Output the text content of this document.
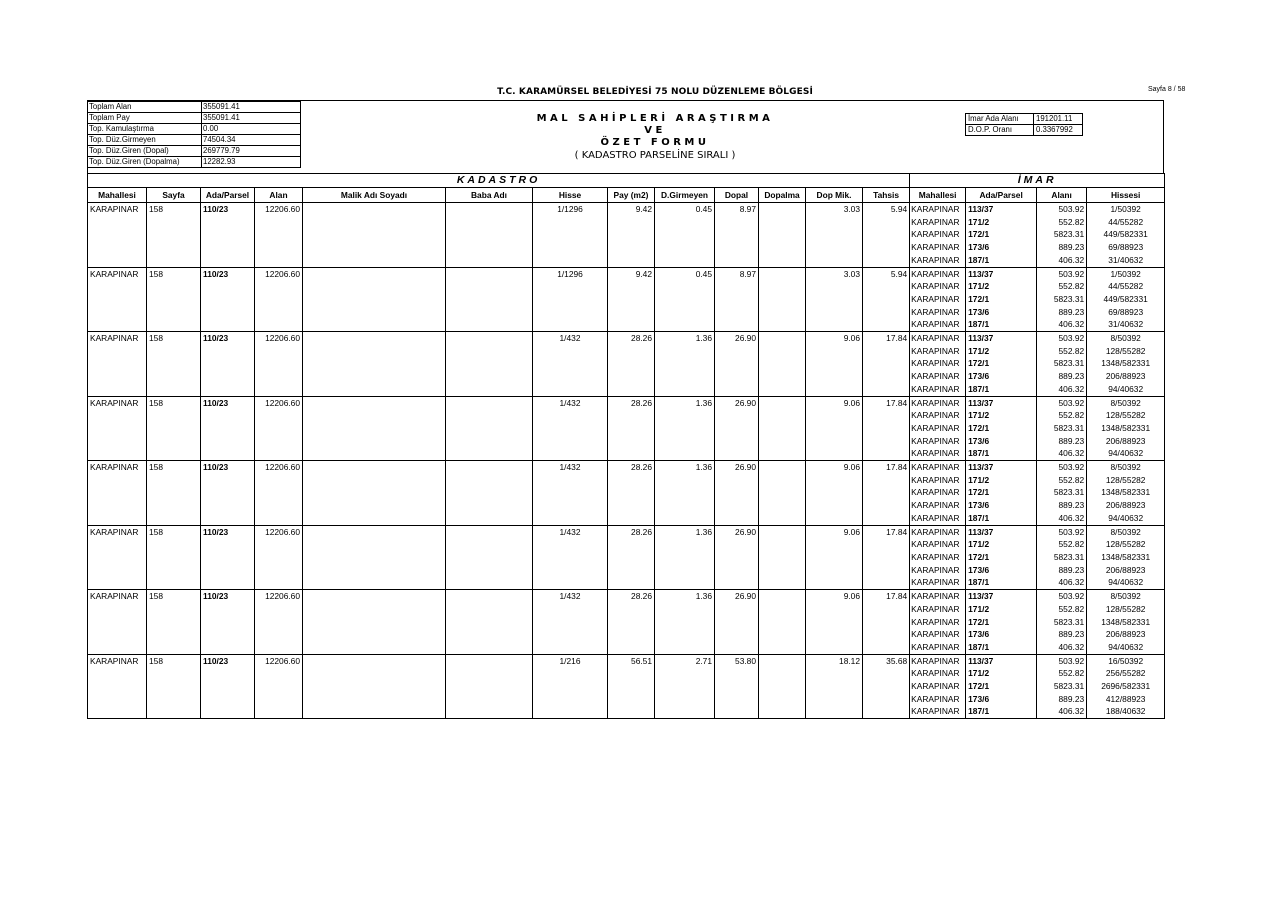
T.C. KARAMÜRSEL BELEDİYESİ 75 NOLU DÜZENLEME BÖLGESİ	Sayfa 8 / 58
Toplam Alan	355091.41
Toplam Pay	355091.41
Top. Kamulaştırma	0.00
Top. Düz.Girmeyen	74504.34
Top. Düz.Giren (Dopal)	269779.79
Top. Düz.Giren (Dopalma)	12282.93
MAL SAHİPLERİ ARAŞTIRMA
VE
ÖZET FORMU
( KADASTRO PARSELİNE SIRALI )
İmar Ada Alanı	191201.11
D.O.P. Oranı	0.3367992
KADASTRO													İMAR			
Mahallesi	Sayfa	Ada/Parsel	Alan	Malik Adı Soyadı	Baba Adı	Hisse	Pay (m2)	D.Girmeyen	Dopal	Dopalma	Dop Mik.	Tahsis	Mahallesi	Ada/Parsel	Alanı	Hissesi
KARAPINAR	158	110/23	12206.60			1/1296	9.42	0.45	8.97		3.03	5.94	KARAPINAR	113/37	503.92	1/50392
													KARAPINAR	171/2	552.82	44/55282
													KARAPINAR	172/1	5823.31	449/582331
													KARAPINAR	173/6	889.23	69/88923
													KARAPINAR	187/1	406.32	31/40632
KARAPINAR	158	110/23	12206.60			1/1296	9.42	0.45	8.97		3.03	5.94	KARAPINAR	113/37	503.92	1/50392
													KARAPINAR	171/2	552.82	44/55282
													KARAPINAR	172/1	5823.31	449/582331
													KARAPINAR	173/6	889.23	69/88923
													KARAPINAR	187/1	406.32	31/40632
KARAPINAR	158	110/23	12206.60			1/432	28.26	1.36	26.90		9.06	17.84	KARAPINAR	113/37	503.92	8/50392
													KARAPINAR	171/2	552.82	128/55282
													KARAPINAR	172/1	5823.31	1348/582331
													KARAPINAR	173/6	889.23	206/88923
													KARAPINAR	187/1	406.32	94/40632
KARAPINAR	158	110/23	12206.60			1/432	28.26	1.36	26.90		9.06	17.84	KARAPINAR	113/37	503.92	8/50392
													KARAPINAR	171/2	552.82	128/55282
													KARAPINAR	172/1	5823.31	1348/582331
													KARAPINAR	173/6	889.23	206/88923
													KARAPINAR	187/1	406.32	94/40632
KARAPINAR	158	110/23	12206.60			1/432	28.26	1.36	26.90		9.06	17.84	KARAPINAR	113/37	503.92	8/50392
													KARAPINAR	171/2	552.82	128/55282
													KARAPINAR	172/1	5823.31	1348/582331
													KARAPINAR	173/6	889.23	206/88923
													KARAPINAR	187/1	406.32	94/40632
KARAPINAR	158	110/23	12206.60			1/432	28.26	1.36	26.90		9.06	17.84	KARAPINAR	113/37	503.92	8/50392
													KARAPINAR	171/2	552.82	128/55282
													KARAPINAR	172/1	5823.31	1348/582331
													KARAPINAR	173/6	889.23	206/88923
													KARAPINAR	187/1	406.32	94/40632
KARAPINAR	158	110/23	12206.60			1/432	28.26	1.36	26.90		9.06	17.84	KARAPINAR	113/37	503.92	8/50392
													KARAPINAR	171/2	552.82	128/55282
													KARAPINAR	172/1	5823.31	1348/582331
													KARAPINAR	173/6	889.23	206/88923
													KARAPINAR	187/1	406.32	94/40632
KARAPINAR	158	110/23	12206.60			1/216	56.51	2.71	53.80		18.12	35.68	KARAPINAR	113/37	503.92	16/50392
													KARAPINAR	171/2	552.82	256/55282
													KARAPINAR	172/1	5823.31	2696/582331
													KARAPINAR	173/6	889.23	412/88923
													KARAPINAR	187/1	406.32	188/40632
